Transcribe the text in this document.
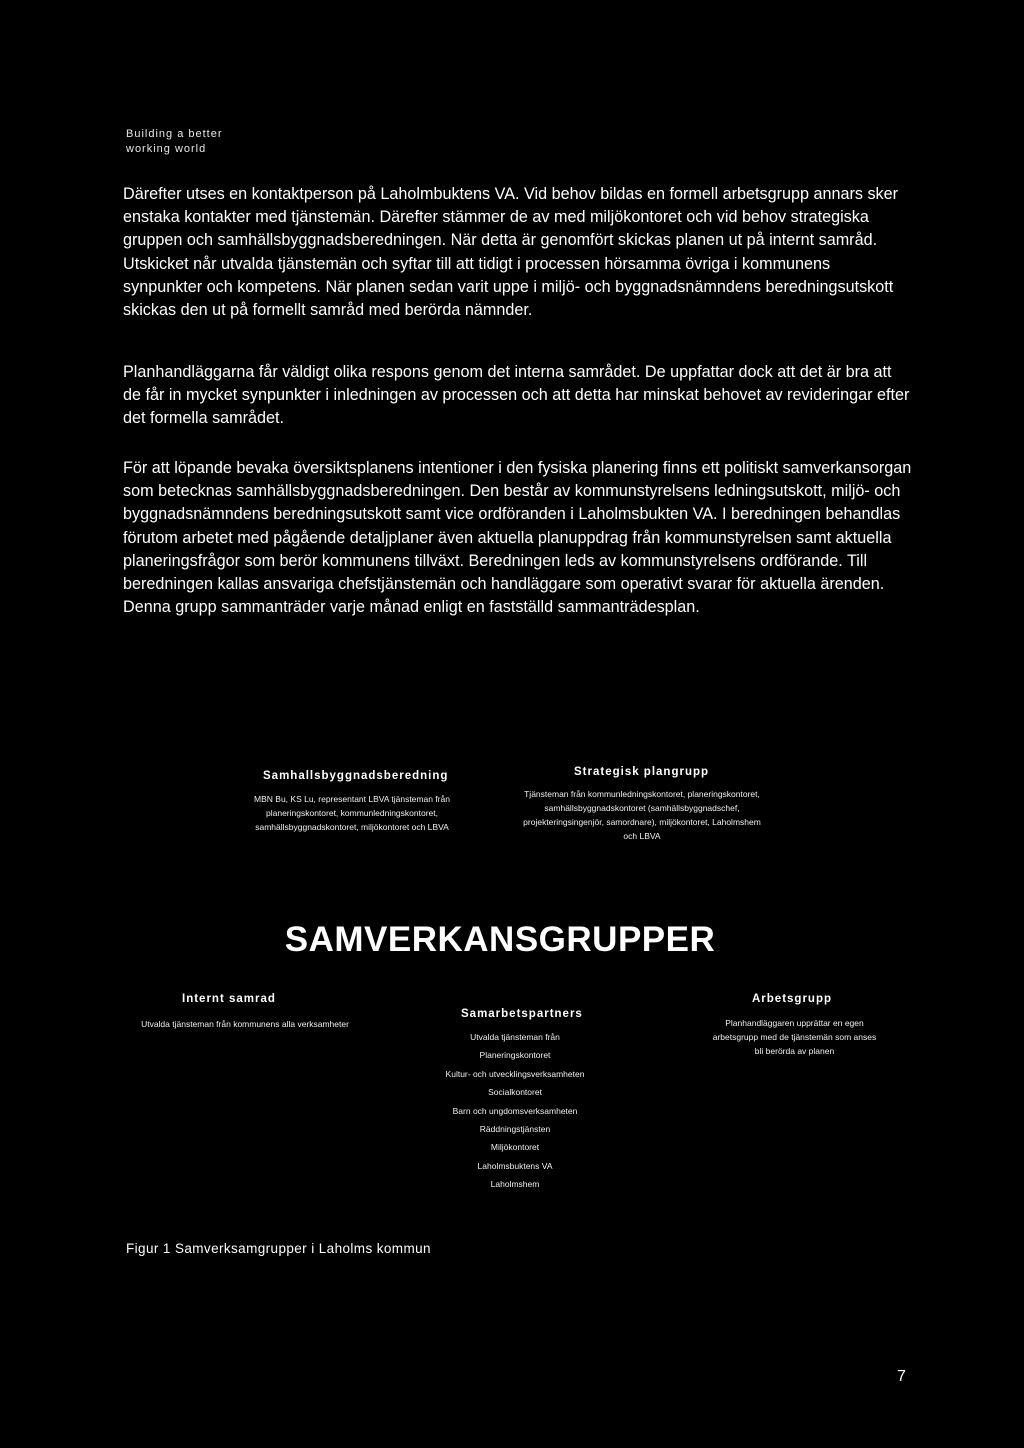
Building a better
working world

Därefter utses en kontaktperson på Laholmbuktens VA. Vid behov bildas en formell arbetsgrupp annars sker enstaka kontakter med tjänstemän. Därefter stämmer de av med miljökontoret och vid behov strategiska gruppen och samhällsbyggnadsberedningen. När detta är genomfört skickas planen ut på internt samråd. Utskicket når utvalda tjänstemän och syftar till att tidigt i processen hörsamma övriga i kommunens synpunkter och kompetens. När planen sedan varit uppe i miljö- och byggnadsnämndens beredningsutskott skickas den ut på formellt samråd med berörda nämnder.

Planhandläggarna får väldigt olika respons genom det interna samrådet. De uppfattar dock att det är bra att de får in mycket synpunkter i inledningen av processen och att detta har minskat behovet av revideringar efter det formella samrådet.

För att löpande bevaka översiktsplanens intentioner i den fysiska planering finns ett politiskt samverkansorgan som betecknas samhällsbyggnadsberedningen. Den består av kommunstyrelsens ledningsutskott, miljö- och byggnadsnämndens beredningsutskott samt vice ordföranden i Laholmsbukten VA. I beredningen behandlas förutom arbetet med pågående detaljplaner även aktuella planuppdrag från kommunstyrelsen samt aktuella planeringsfrågor som berör kommunens tillväxt. Beredningen leds av kommunstyrelsens ordförande. Till beredningen kallas ansvariga chefstjänstemän och handläggare som operativt svarar för aktuella ärenden. Denna grupp sammanträder varje månad enligt en fastställd sammanträdesplan.

Samhallsbyggnadsberedning
MBN Bu, KS Lu, representant LBVA tjänsteman från planeringskontoret, kommunledningskontoret, samhällsbyggnadskontoret, miljökontoret och LBVA
Strategisk plangrupp
Tjänsteman från kommunledningskontoret, planeringskontoret, samhällsbyggnadskontoret (samhällsbyggnadschef, projekteringsingenjör, samordnare), miljökontoret, Laholmshem och LBVA
SAMVERKANSGRUPPER
Internt samrad
Utvalda tjänsteman från kommunens alla verksamheter
Samarbetspartners
Utvalda tjänsteman från
Planeringskontoret
Kultur- och utvecklingsverksamheten
Socialkontoret
Barn och ungdomsverksamheten
Räddningstjänsten
Miljökontoret
Laholmsbuktens VA
Laholmshem
Arbetsgrupp
Planhandläggaren upprättar en egen arbetsgrupp med de tjänstemän som anses bli berörda av planen
Figur 1 Samverksamgrupper i Laholms kommun
7
